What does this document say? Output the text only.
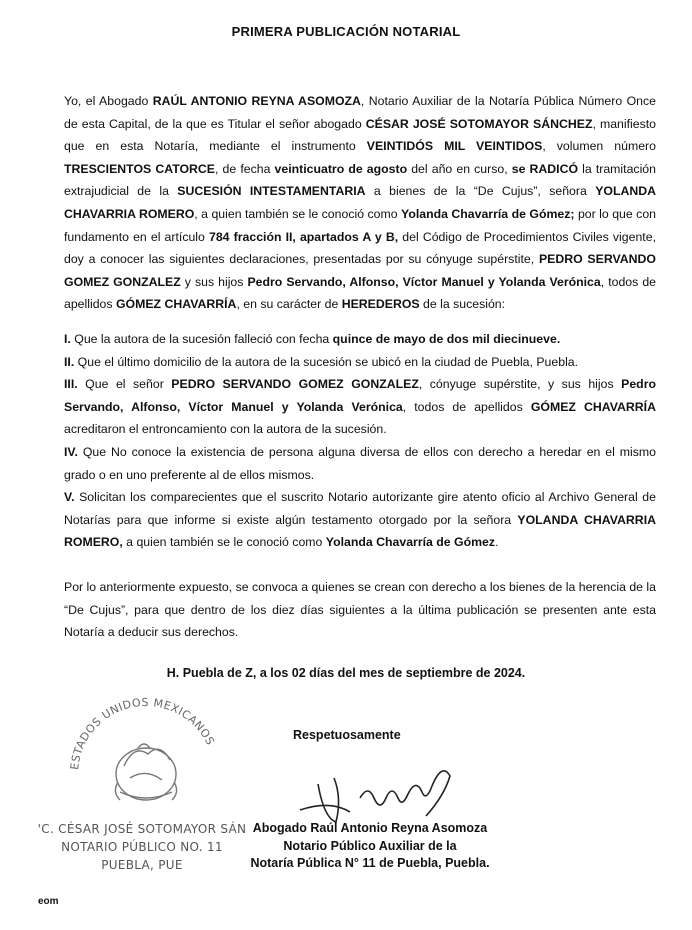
PRIMERA PUBLICACIÓN NOTARIAL

Yo, el Abogado RAÚL ANTONIO REYNA ASOMOZA, Notario Auxiliar de la Notaría Pública Número Once de esta Capital, de la que es Titular el señor abogado CÉSAR JOSÉ SOTOMAYOR SÁNCHEZ, manifiesto que en esta Notaría, mediante el instrumento VEINTIDÓS MIL VEINTIDOS, volumen número TRESCIENTOS CATORCE, de fecha veinticuatro de agosto del año en curso, se RADICÓ la tramitación extrajudicial de la SUCESIÓN INTESTAMENTARIA a bienes de la “De Cujus”, señora YOLANDA CHAVARRIA ROMERO, a quien también se le conoció como Yolanda Chavarría de Gómez; por lo que con fundamento en el artículo 784 fracción II, apartados A y B, del Código de Procedimientos Civiles vigente, doy a conocer las siguientes declaraciones, presentadas por su cónyuge supérstite, PEDRO SERVANDO GOMEZ GONZALEZ y sus hijos Pedro Servando, Alfonso, Víctor Manuel y Yolanda Verónica, todos de apellidos GÓMEZ CHAVARRÍA, en su carácter de HEREDEROS de la sucesión:

I. Que la autora de la sucesión falleció con fecha quince de mayo de dos mil diecinueve.

II. Que el último domicilio de la autora de la sucesión se ubicó en la ciudad de Puebla, Puebla.

III. Que el señor PEDRO SERVANDO GOMEZ GONZALEZ, cónyuge supérstite, y sus hijos Pedro Servando, Alfonso, Víctor Manuel y Yolanda Verónica, todos de apellidos GÓMEZ CHAVARRÍA acreditaron el entroncamiento con la autora de la sucesión.

IV. Que No conoce la existencia de persona alguna diversa de ellos con derecho a heredar en el mismo grado o en uno preferente al de ellos mismos.

V. Solicitan los comparecientes que el suscrito Notario autorizante gire atento oficio al Archivo General de Notarías para que informe si existe algún testamento otorgado por la señora YOLANDA CHAVARRIA ROMERO, a quien también se le conoció como Yolanda Chavarría de Gómez.

Por lo anteriormente expuesto, se convoca a quienes se crean con derecho a los bienes de la herencia de la “De Cujus”, para que dentro de los diez días siguientes a la última publicación se presenten ante esta Notaría a deducir sus derechos.

H. Puebla de Z, a los 02 días del mes de septiembre de 2024.
ESTADOS UNIDOS MEXICANOS
'C. CÉSAR JOSÉ SOTOMAYOR SÁN
NOTARIO PÚBLICO NO. 11
PUEBLA, PUE
Respetuosamente
Abogado Raúl Antonio Reyna Asomoza
Notario Público Auxiliar de la
Notaría Pública N° 11 de Puebla, Puebla.
eom
